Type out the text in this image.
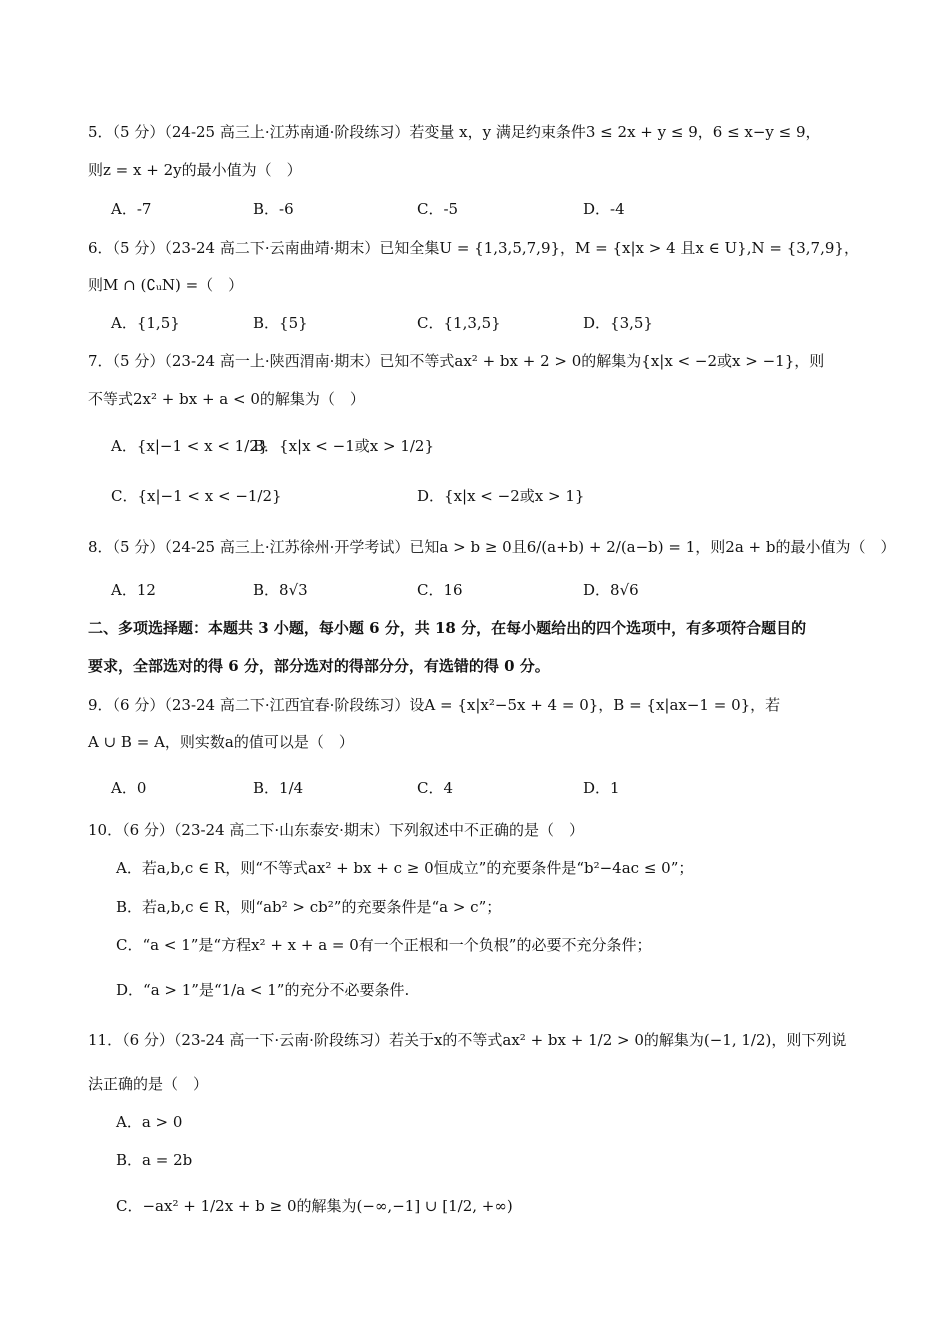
5．（5 分）（24-25 高三上·江苏南通·阶段练习）若变量 x，y 满足约束条件3 ≤ 2x + y ≤ 9，6 ≤ x−y ≤ 9，
则z = x + 2y的最小值为（　）
A．-7	B．-6	C．-5	D．-4
6．（5 分）（23-24 高二下·云南曲靖·期末）已知全集U = {1,3,5,7,9}，M = {x|x > 4 且x ∈ U},N = {3,7,9}，
则M ∩ (∁ᵤN) =（　）
A．{1,5}	B．{5}	C．{1,3,5}	D．{3,5}
7．（5 分）（23-24 高一上·陕西渭南·期末）已知不等式ax² + bx + 2 > 0的解集为{x|x < −2或x > −1}，则
不等式2x² + bx + a < 0的解集为（　）
A．{x|−1 < x < 1/2}
B．{x|x < −1或x > 1/2}
C．{x|−1 < x < −1/2}	D．{x|x < −2或x > 1}
8．（5 分）（24-25 高三上·江苏徐州·开学考试）已知a > b ≥ 0且6/(a+b) + 2/(a−b) = 1，则2a + b的最小值为（　）
A．12	B．8√3	C．16	D．8√6
二、多项选择题：本题共 3 小题，每小题 6 分，共 18 分，在每小题给出的四个选项中，有多项符合题目的
要求，全部选对的得 6 分，部分选对的得部分分，有选错的得 0 分。
9．（6 分）（23-24 高二下·江西宜春·阶段练习）设A = {x|x²−5x + 4 = 0}，B = {x|ax−1 = 0}，若
A ∪ B = A，则实数a的值可以是（　）
A．0	B．1/4	C．4	D．1
10．（6 分）（23-24 高二下·山东泰安·期末）下列叙述中不正确的是（　）
A．若a,b,c ∈ R，则“不等式ax² + bx + c ≥ 0恒成立”的充要条件是“b²−4ac ≤ 0”；
B．若a,b,c ∈ R，则“ab² > cb²”的充要条件是“a > c”；
C．“a < 1”是“方程x² + x + a = 0有一个正根和一个负根”的必要不充分条件；
D．“a > 1”是“1/a < 1”的充分不必要条件.
11．（6 分）（23-24 高一下·云南·阶段练习）若关于x的不等式ax² + bx + 1/2 > 0的解集为(−1, 1/2)，则下列说
法正确的是（　）
A．a > 0
B．a = 2b
C．−ax² + 1/2x + b ≥ 0的解集为(−∞,−1] ∪ [1/2, +∞)
